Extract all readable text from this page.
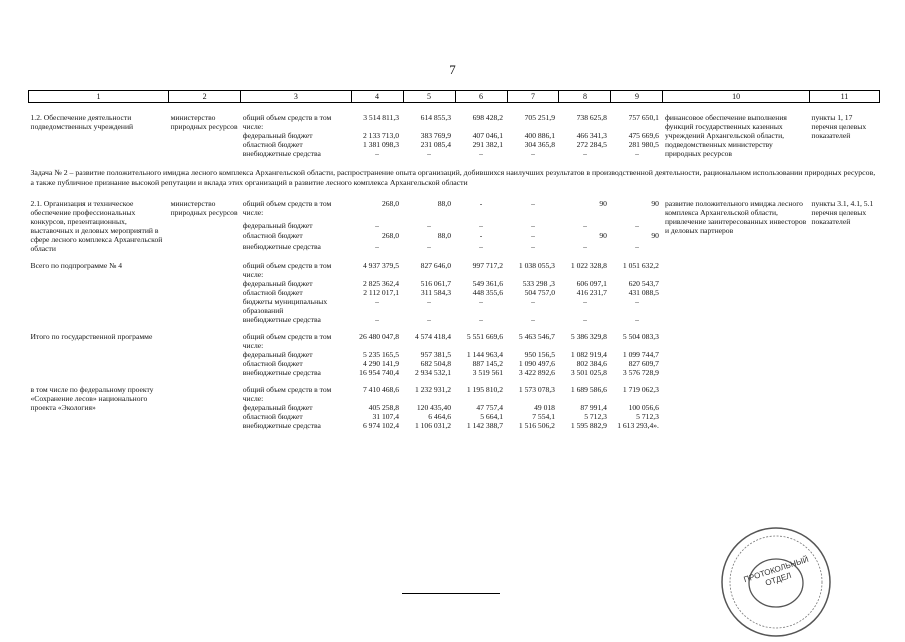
7
1	2	3	4	5	6	7	8	9	10	11

1.2. Обеспечение деятельности подведомственных учреждений	министерство природных ресурсов	общий объем средств в том числе:	3 514 811,3	614 855,3	698 428,2	705 251,9	738 625,8	757 650,1	финансовое обеспечение выполнения функций государственных казенных учреждений Архангельской области, подведомственных министерству природных ресурсов	пункты 1, 17 перечня целевых показателей
		федеральный бюджет	2 133 713,0	383 769,9	407 046,1	400 886,1	466 341,3	475 669,6		
		областной бюджет	1 381 098,3	231 085,4	291 382,1	304 365,8	272 284,5	281 980,5		
		внебюджетные средства	–	–	–	–	–	–		

Задача № 2 – развитие положительного имиджа лесного комплекса Архангельской области, распространение опыта организаций, добившихся наилучших результатов в производственной деятельности, рациональном использовании природных ресурсов, а также публичное признание высокой репутации и вклада этих организаций в развитие лесного комплекса Архангельской области										

2.1. Организация и техническое обеспечение профессиональных конкурсов, презентационных, выставочных и деловых мероприятий в сфере лесного комплекса Архангельской области	министерство природных ресурсов	общий объем средств в том числе:	268,0	88,0	-	–	90	90	развитие положительного имиджа лесного комплекса Архангельской области, привлечение заинтересованных инвесторов и деловых партнеров	пункты 3.1, 4.1, 5.1 перечня целевых показателей
		федеральный бюджет	–	–	–	–	–	–		
		областной бюджет	268,0	88,0	-	–	90	90		
		внебюджетные средства	–	–	–	–	–	–		

Всего по подпрограмме № 4		общий объем средств в том числе:	4 937 379,5	827 646,0	997 717,2	1 038 055,3	1 022 328,8	1 051 632,2		
		федеральный бюджет	2 825 362,4	516 061,7	549 361,6	533 298 ,3	606 097,1	620 543,7		
		областной бюджет	2 112 017,1	311 584,3	448 355,6	504 757,0	416 231,7	431 088,5		
		бюджеты муниципальных образований	–	–	–	–	–	–		
		внебюджетные средства	–	–	–	–	–	–		

Итого по государственной программе		общий объем средств в том числе:	26 480 047,8	4 574 418,4	5 551 669,6	5 463 546,7	5 386 329,8	5 504 083,3		
		федеральный бюджет	5 235 165,5	957 381,5	1 144 963,4	950 156,5	1 082 919,4	1 099 744,7		
		областной бюджет	4 290 141,9	682 504,8	887 145,2	1 090 497,6	802 384,6	827 609,7		
		внебюджетные средства	16 954 740,4	2 934 532,1	3 519 561	3 422 892,6	3 501 025,8	3 576 728,9		

в том числе по федеральному проекту «Сохранение лесов» национального проекта «Экология»		общий объем средств в том числе:	7 410 468,6	1 232 931,2	1 195 810,2	1 573 078,3	1 689 586,6	1 719 062,3		
		федеральный бюджет	405 258,8	120 435,40	47 757,4	49 018	87 991,4	100 056,6		
		областной бюджет	31 107,4	6 464,6	5 664,1	7 554,1	5 712,3	5 712,3		
		внебюджетные средства	6 974 102,4	1 106 031,2	1 142 388,7	1 516 506,2	1 595 882,9	1 613 293,4».		
ПРОТОКОЛЬНЫЙ ОТДЕЛ
